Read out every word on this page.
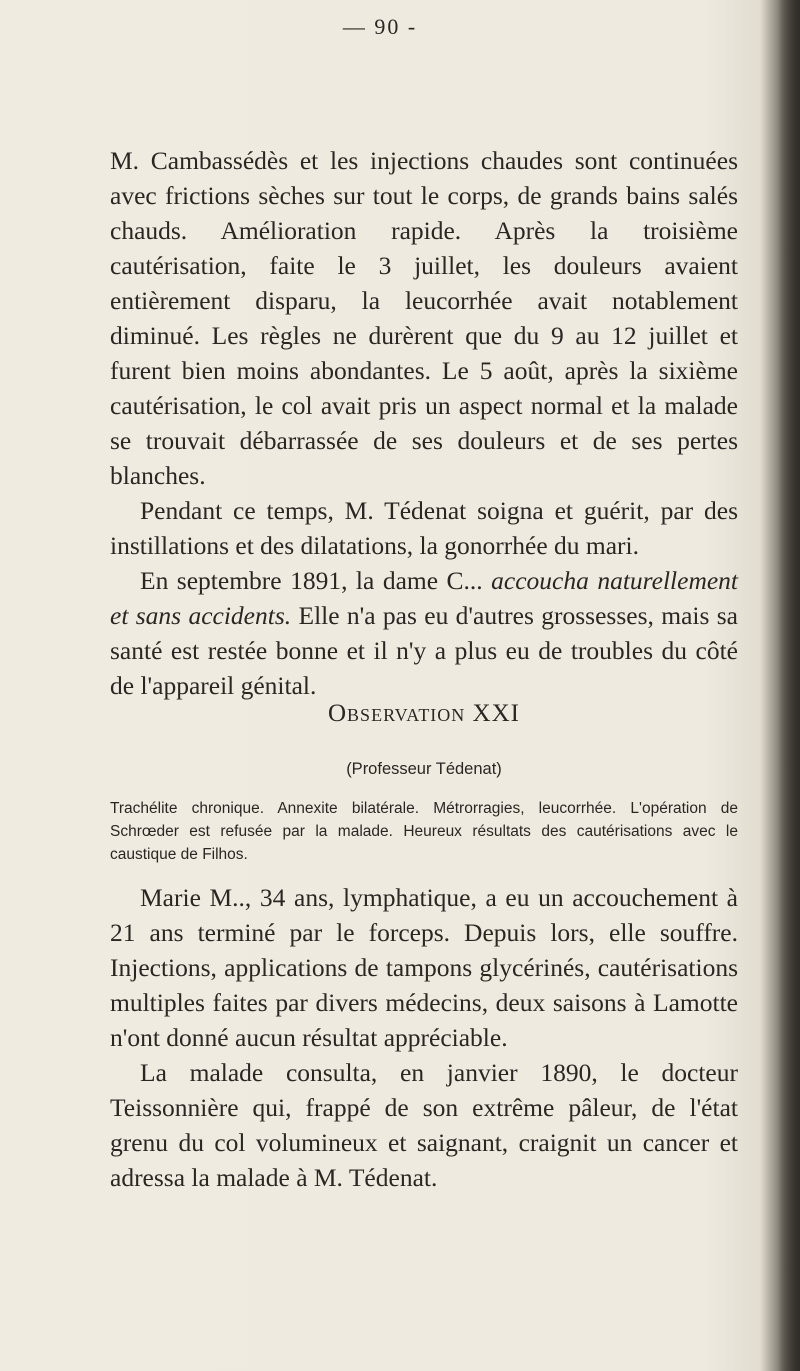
— 90 -

M. Cambassédès et les injections chaudes sont continuées avec frictions sèches sur tout le corps, de grands bains salés chauds. Amélioration rapide. Après la troisième cautérisation, faite le 3 juillet, les douleurs avaient entièrement disparu, la leucorrhée avait notablement diminué. Les règles ne durèrent que du 9 au 12 juillet et furent bien moins abondantes. Le 5 août, après la sixième cautérisation, le col avait pris un aspect normal et la malade se trouvait débarrassée de ses douleurs et de ses pertes blanches.

Pendant ce temps, M. Tédenat soigna et guérit, par des instillations et des dilatations, la gonorrhée du mari.

En septembre 1891, la dame C... accoucha naturellement et sans accidents. Elle n'a pas eu d'autres grossesses, mais sa santé est restée bonne et il n'y a plus eu de troubles du côté de l'appareil génital.

Observation XXI
(Professeur Tédenat)
Trachélite chronique. Annexite bilatérale. Métrorragies, leucorrhée. L'opération de Schrœder est refusée par la malade. Heureux résultats des cautérisations avec le caustique de Filhos.

Marie M.., 34 ans, lymphatique, a eu un accouchement à 21 ans terminé par le forceps. Depuis lors, elle souffre. Injections, applications de tampons glycérinés, cautérisations multiples faites par divers médecins, deux saisons à Lamotte n'ont donné aucun résultat appréciable.

La malade consulta, en janvier 1890, le docteur Teissonnière qui, frappé de son extrême pâleur, de l'état grenu du col volumineux et saignant, craignit un cancer et adressa la malade à M. Tédenat.
